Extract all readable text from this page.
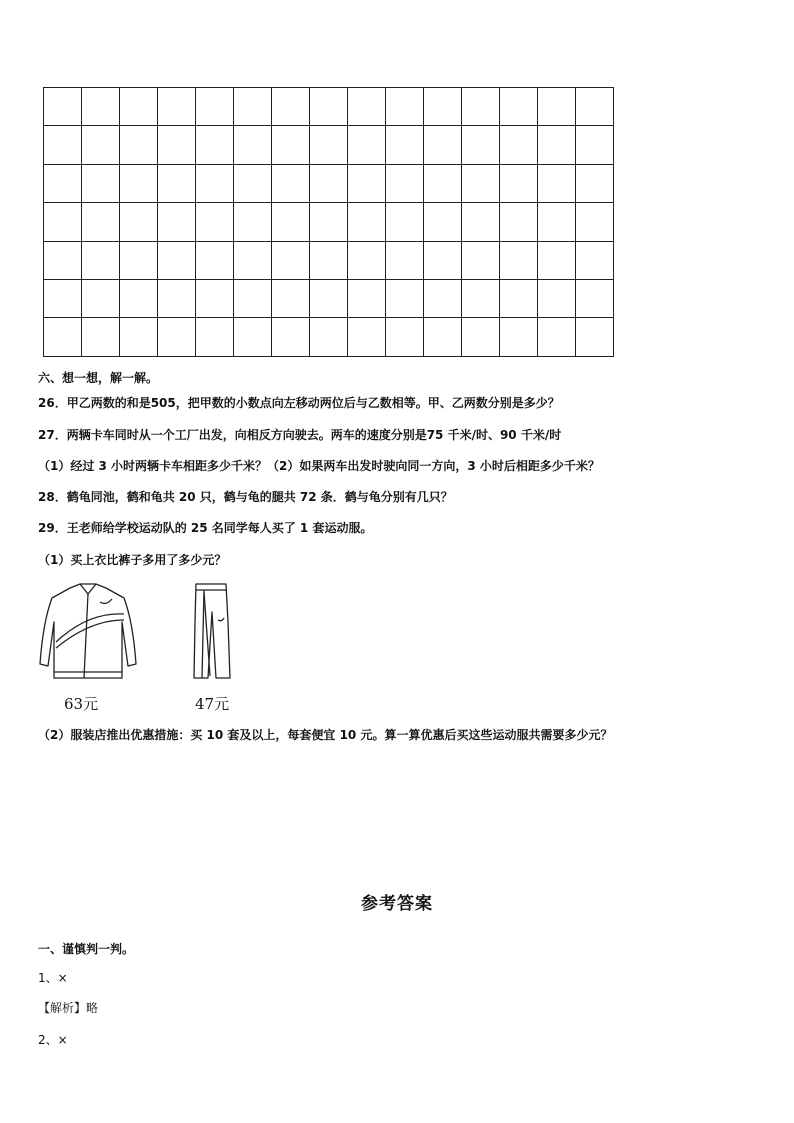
六、想一想，解一解。
26．甲乙两数的和是505，把甲数的小数点向左移动两位后与乙数相等。甲、乙两数分别是多少？
27．两辆卡车同时从一个工厂出发，向相反方向驶去。两车的速度分别是75 千米/时、90 千米/时
（1）经过 3 小时两辆卡车相距多少千米？（2）如果两车出发时驶向同一方向，3 小时后相距多少千米？
28．鹤龟同池，鹤和龟共 20 只，鹤与龟的腿共 72 条．鹤与龟分别有几只？
29．王老师给学校运动队的 25 名同学每人买了 1 套运动服。
（1）买上衣比裤子多用了多少元？
63元	47元
（2）服装店推出优惠措施：买 10 套及以上，每套便宜 10 元。算一算优惠后买这些运动服共需要多少元？
参考答案
一、谨慎判一判。
1、×
【解析】略
2、×
